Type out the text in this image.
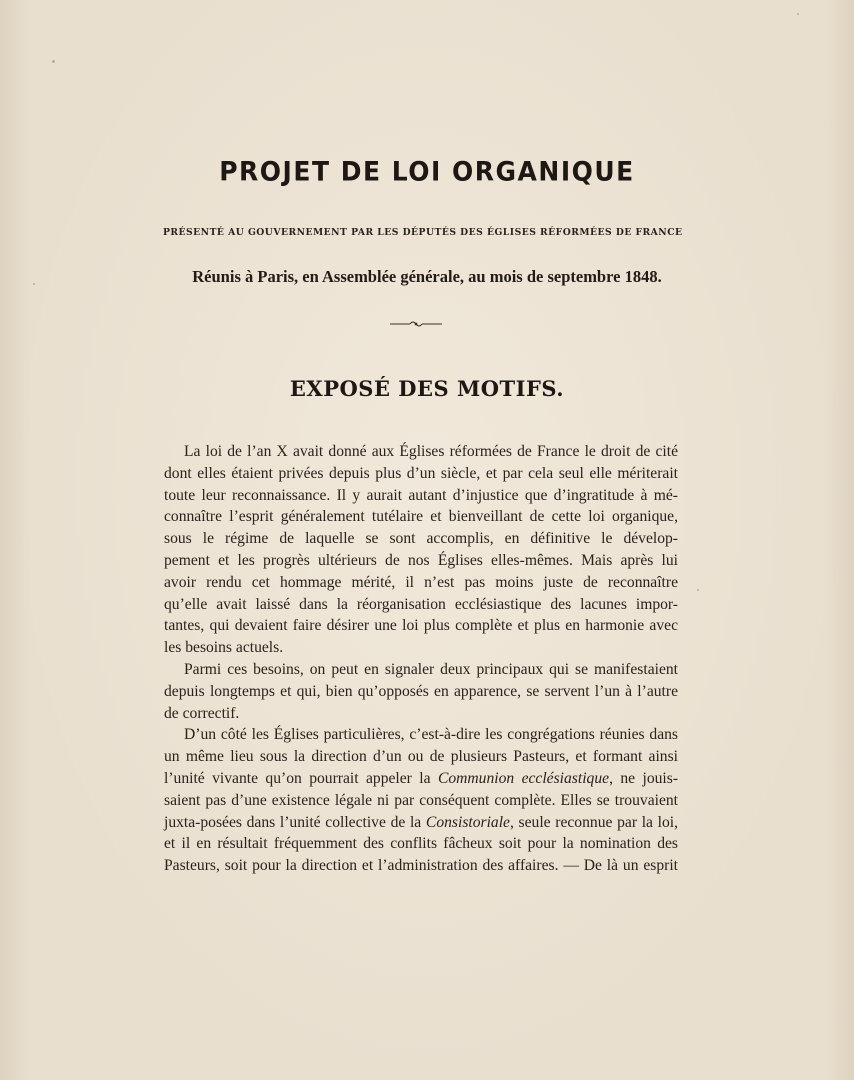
PROJET DE LOI ORGANIQUE
PRÉSENTÉ AU GOUVERNEMENT PAR LES DÉPUTÉS DES ÉGLISES RÉFORMÉES DE FRANCE
Réunis à Paris, en Assemblée générale, au mois de septembre 1848.
EXPOSÉ DES MOTIFS.
La loi de l’an X avait donné aux Églises réformées de France le droit de cité
dont elles étaient privées depuis plus d’un siècle, et par cela seul elle mériterait
toute leur reconnaissance. Il y aurait autant d’injustice que d’ingratitude à mé-
connaître l’esprit généralement tutélaire et bienveillant de cette loi organique,
sous le régime de laquelle se sont accomplis, en définitive le dévelop-
pement et les progrès ultérieurs de nos Églises elles-mêmes. Mais après lui
avoir rendu cet hommage mérité, il n’est pas moins juste de reconnaître
qu’elle avait laissé dans la réorganisation ecclésiastique des lacunes impor-
tantes, qui devaient faire désirer une loi plus complète et plus en harmonie avec
les besoins actuels.
Parmi ces besoins, on peut en signaler deux principaux qui se manifestaient
depuis longtemps et qui, bien qu’opposés en apparence, se servent l’un à l’autre
de correctif.
D’un côté les Églises particulières, c’est-à-dire les congrégations réunies dans
un même lieu sous la direction d’un ou de plusieurs Pasteurs, et formant ainsi
l’unité vivante qu’on pourrait appeler la Communion ecclésiastique, ne jouis-
saient pas d’une existence légale ni par conséquent complète. Elles se trouvaient
juxta-posées dans l’unité collective de la Consistoriale, seule reconnue par la loi,
et il en résultait fréquemment des conflits fâcheux soit pour la nomination des
Pasteurs, soit pour la direction et l’administration des affaires. — De là un esprit
